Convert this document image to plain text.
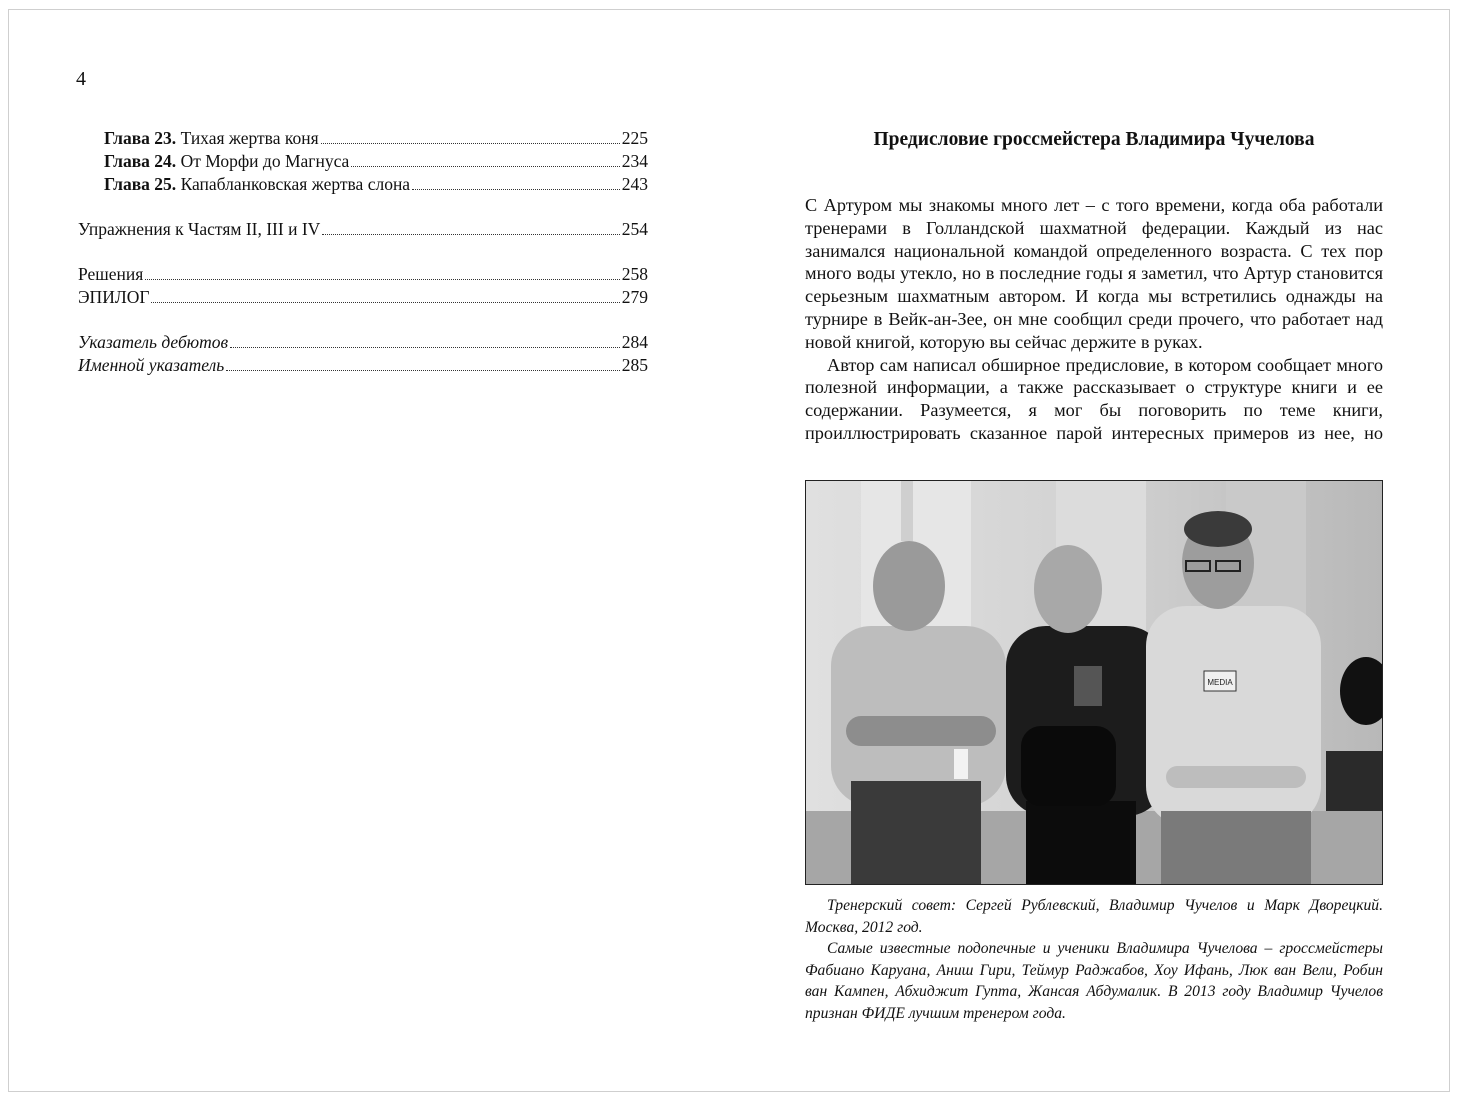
4
Глава 23. Тихая жертва коня	225
Глава 24. От Морфи до Магнуса	234
Глава 25. Капабланковская жертва слона	243
Упражнения к Частям II, III и IV	254
Решения	258
ЭПИЛОГ	279
Указатель дебютов	284
Именной указатель	285
Предисловие гроссмейстера Владимира Чучелова

С Артуром мы знакомы много лет – с того времени, когда оба работали тренерами в Голландской шахматной федерации. Каждый из нас занимался национальной командой определенного возраста. С тех пор много воды утекло, но в последние годы я заметил, что Артур становится серьезным шахматным автором. И когда мы встретились однажды на турнире в Вейк-ан-Зее, он мне сообщил среди прочего, что работает над новой книгой, которую вы сейчас держите в руках.

Автор сам написал обширное предисловие, в котором сообщает много полезной информации, а также рассказывает о структуре книги и ее содержании. Разумеется, я мог бы поговорить по теме книги, проиллюстрировать сказанное парой интересных примеров из нее, но

MEDIA

Тренерский совет: Сергей Рублевский, Владимир Чучелов и Марк Дворецкий. Москва, 2012 год.

Самые известные подопечные и ученики Владимира Чучелова – гроссмейстеры Фабиано Каруана, Аниш Гири, Теймур Раджабов, Хоу Ифань, Люк ван Вели, Робин ван Кампен, Абхиджит Гупта, Жансая Абдумалик. В 2013 году Владимир Чучелов признан ФИДЕ лучшим тренером года.
